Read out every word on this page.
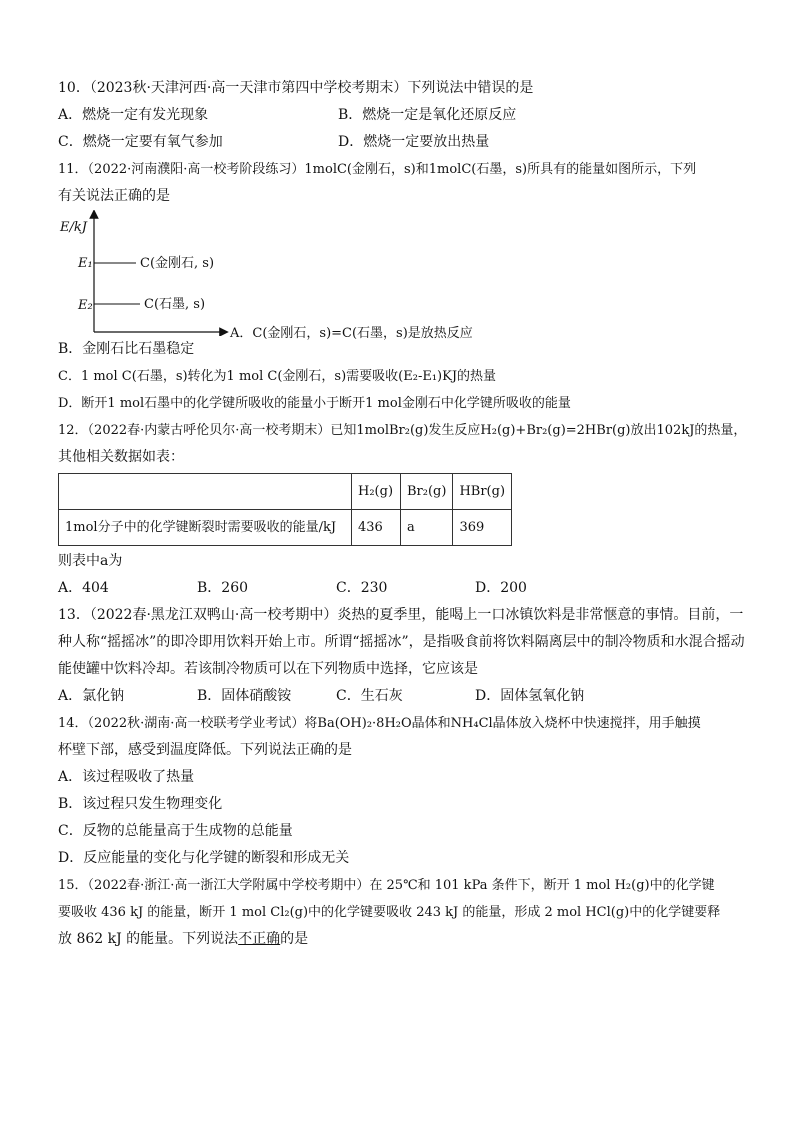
10．（2023秋·天津河西·高一天津市第四中学校考期末）下列说法中错误的是
A．燃烧一定有发光现象	B．燃烧一定是氧化还原反应
C．燃烧一定要有氧气参加	D．燃烧一定要放出热量
11．（2022·河南濮阳·高一校考阶段练习）1molC(金刚石，s)和1molC(石墨，s)所具有的能量如图所示，下列
有关说法正确的是
E/kJ
E₁	C(金刚石, s)
E₂	C(石墨, s)
A．C(金刚石，s)=C(石墨，s)是放热反应
B．金刚石比石墨稳定
C．1 mol C(石墨，s)转化为1 mol C(金刚石，s)需要吸收(E₂-E₁)KJ的热量
D．断开1 mol石墨中的化学键所吸收的能量小于断开1 mol金刚石中化学键所吸收的能量
12．（2022春·内蒙古呼伦贝尔·高一校考期末）已知1molBr₂(g)发生反应H₂(g)+Br₂(g)=2HBr(g)放出102kJ的热量，
其他相关数据如表：
	H₂(g)	Br₂(g)	HBr(g)
1mol分子中的化学键断裂时需要吸收的能量/kJ	436	a	369
则表中a为
A．404	B．260	C．230	D．200
13．（2022春·黑龙江双鸭山·高一校考期中）炎热的夏季里，能喝上一口冰镇饮料是非常惬意的事情。目前，一
种人称“摇摇冰”的即冷即用饮料开始上市。所谓“摇摇冰”，是指吸食前将饮料隔离层中的制冷物质和水混合摇动
能使罐中饮料冷却。若该制冷物质可以在下列物质中选择，它应该是
A．氯化钠	B．固体硝酸铵	C．生石灰	D．固体氢氧化钠
14．（2022秋·湖南·高一校联考学业考试）将Ba(OH)₂·8H₂O晶体和NH₄Cl晶体放入烧杯中快速搅拌，用手触摸
杯壁下部，感受到温度降低。下列说法正确的是
A．该过程吸收了热量
B．该过程只发生物理变化
C．反物的总能量高于生成物的总能量
D．反应能量的变化与化学键的断裂和形成无关
15．（2022春·浙江·高一浙江大学附属中学校考期中）在 25℃和 101 kPa 条件下，断开 1 mol H₂(g)中的化学键
要吸收 436 kJ 的能量，断开 1 mol Cl₂(g)中的化学键要吸收 243 kJ 的能量，形成 2 mol HCl(g)中的化学键要释
放 862 kJ 的能量。下列说法不正确的是
